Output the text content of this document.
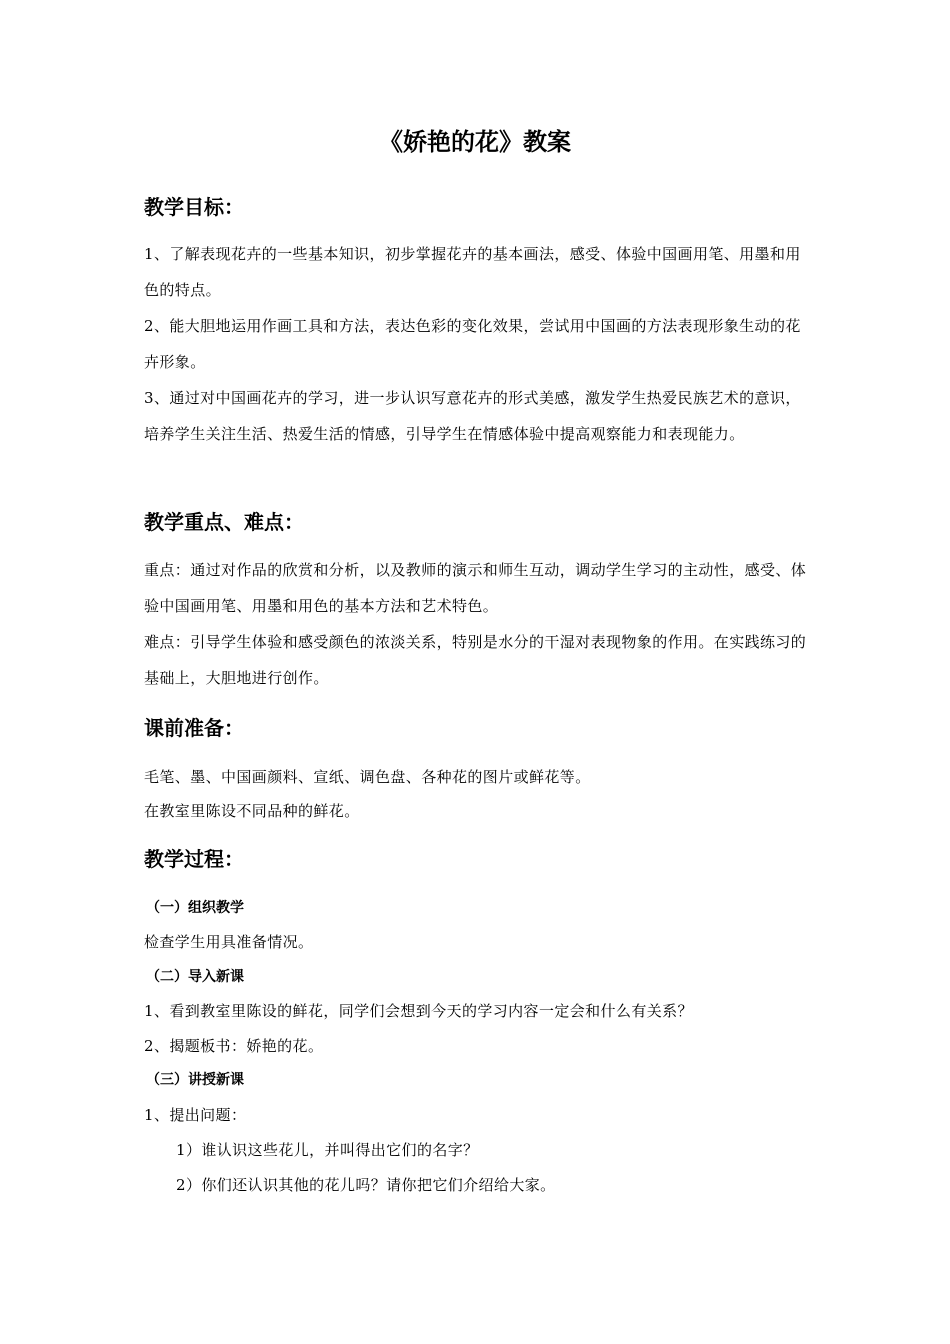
《娇艳的花》教案
教学目标：
1、了解表现花卉的一些基本知识，初步掌握花卉的基本画法，感受、体验中国画用笔、用墨和用色的特点。
2、能大胆地运用作画工具和方法，表达色彩的变化效果，尝试用中国画的方法表现形象生动的花卉形象。
3、通过对中国画花卉的学习，进一步认识写意花卉的形式美感，激发学生热爱民族艺术的意识，培养学生关注生活、热爱生活的情感，引导学生在情感体验中提高观察能力和表现能力。
教学重点、难点：
重点：通过对作品的欣赏和分析，以及教师的演示和师生互动，调动学生学习的主动性，感受、体验中国画用笔、用墨和用色的基本方法和艺术特色。
难点：引导学生体验和感受颜色的浓淡关系，特别是水分的干湿对表现物象的作用。在实践练习的基础上，大胆地进行创作。
课前准备：
毛笔、墨、中国画颜料、宣纸、调色盘、各种花的图片或鲜花等。
在教室里陈设不同品种的鲜花。
教学过程：
（一）组织教学
检查学生用具准备情况。
（二）导入新课
1、看到教室里陈设的鲜花，同学们会想到今天的学习内容一定会和什么有关系？
2、揭题板书：娇艳的花。
（三）讲授新课
1、提出问题：
1）谁认识这些花儿，并叫得出它们的名字？
2）你们还认识其他的花儿吗？请你把它们介绍给大家。
